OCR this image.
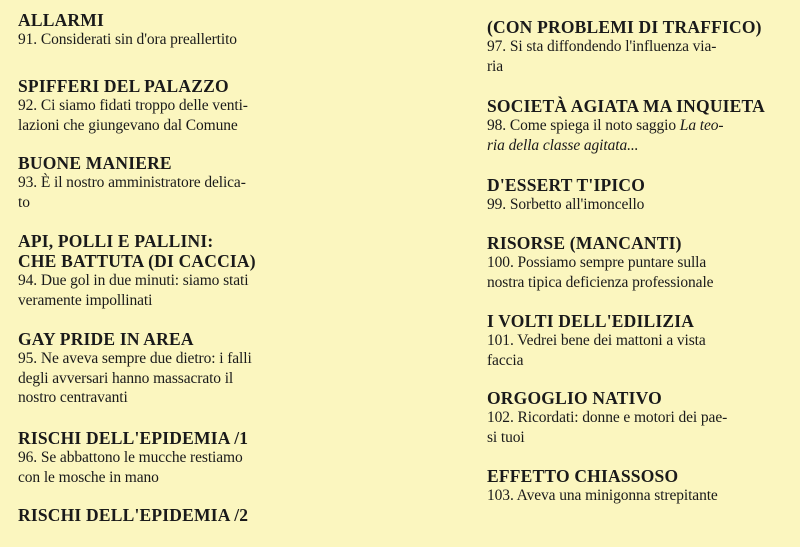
ALLARMI
91. Considerati sin d'ora preallertito
SPIFFERI DEL PALAZZO
92. Ci siamo fidati troppo delle venti-
lazioni che giungevano dal Comune
BUONE MANIERE
93. È il nostro amministratore delica-
to
API, POLLI E PALLINI:
CHE BATTUTA (DI CACCIA)
94. Due gol in due minuti: siamo stati
veramente impollinati
GAY PRIDE IN AREA
95. Ne aveva sempre due dietro: i falli
degli avversari hanno massacrato il
nostro centravanti
RISCHI DELL'EPIDEMIA /1
96. Se abbattono le mucche restiamo
con le mosche in mano
RISCHI DELL'EPIDEMIA /2
(CON PROBLEMI DI TRAFFICO)
97. Si sta diffondendo l'influenza via-
ria
SOCIETÀ AGIATA MA INQUIETA
98. Come spiega il noto saggio La teo-
ria della classe agitata...
D'ESSERT T'IPICO
99. Sorbetto all'imoncello
RISORSE (MANCANTI)
100. Possiamo sempre puntare sulla
nostra tipica deficienza professionale
I VOLTI DELL'EDILIZIA
101. Vedrei bene dei mattoni a vista
faccia
ORGOGLIO NATIVO
102. Ricordati: donne e motori dei pae-
si tuoi
EFFETTO CHIASSOSO
103. Aveva una minigonna strepitante
